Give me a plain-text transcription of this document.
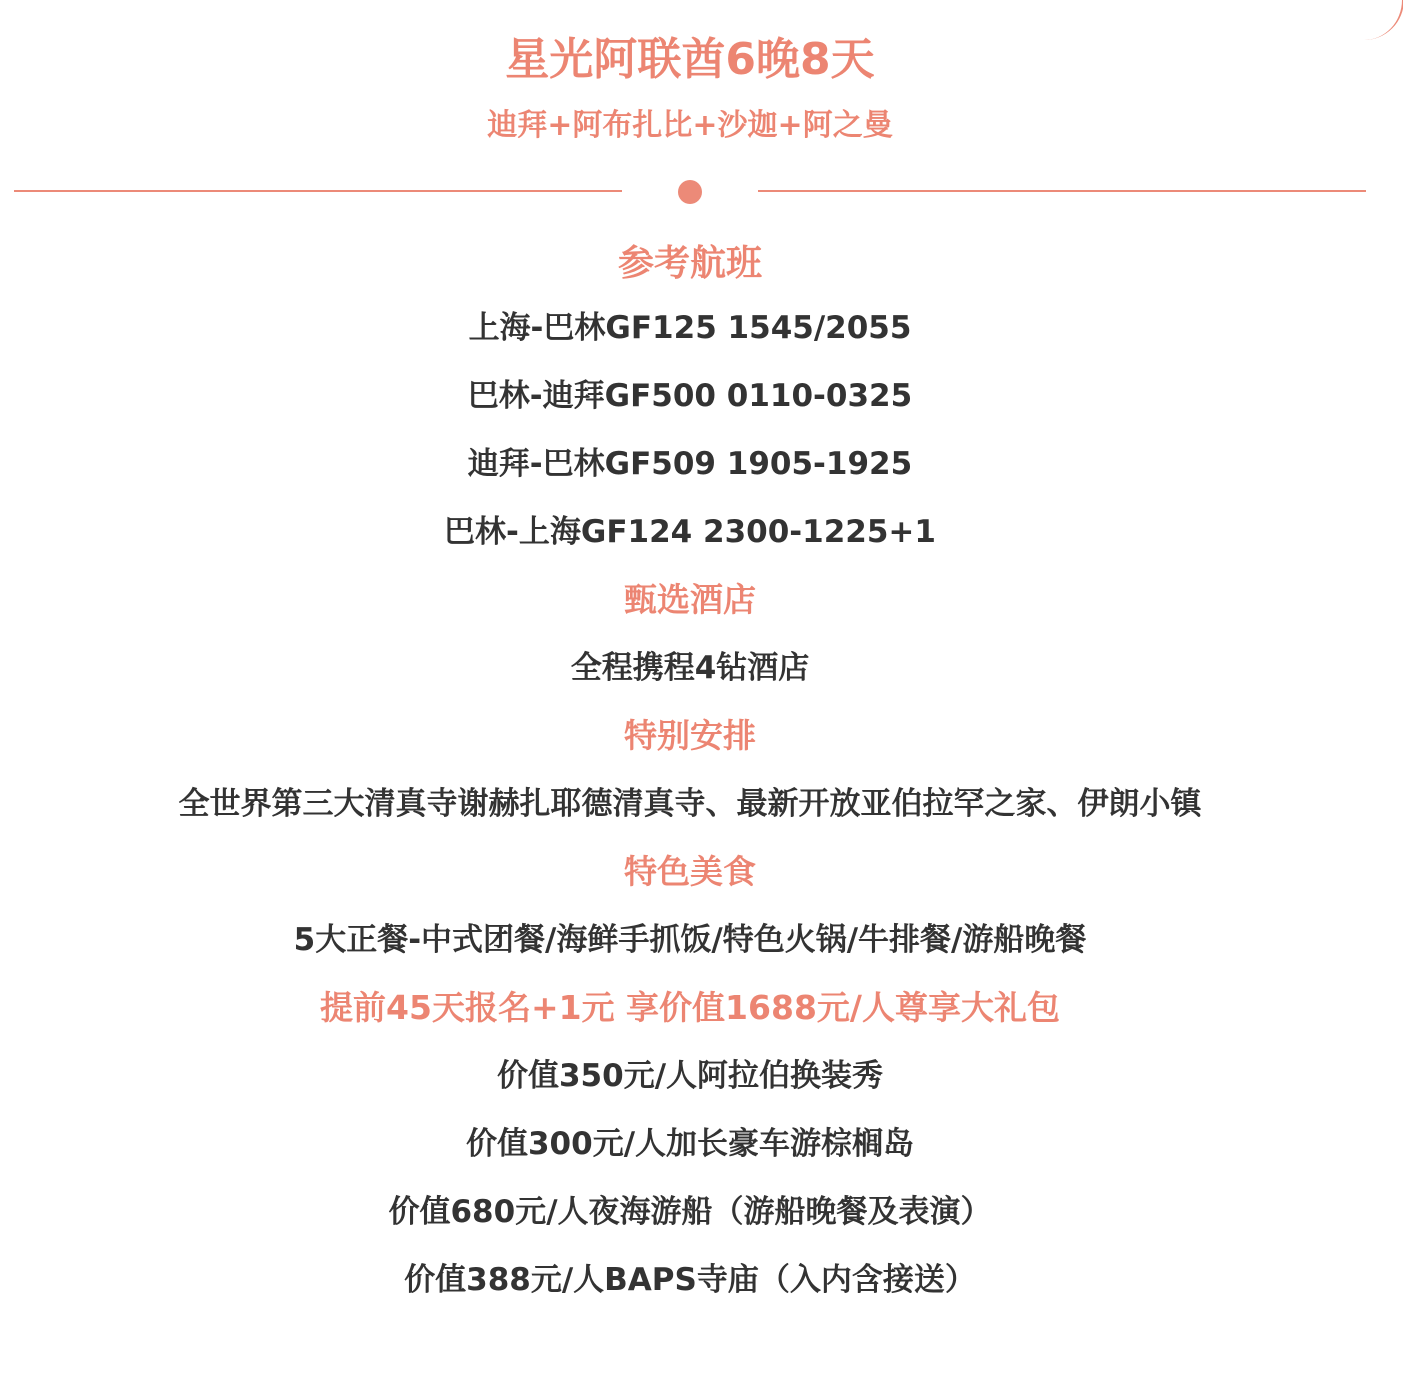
星光阿联酋6晚8天
迪拜+阿布扎比+沙迦+阿之曼
参考航班
上海-巴林GF125 1545/2055
巴林-迪拜GF500 0110-0325
迪拜-巴林GF509 1905-1925
巴林-上海GF124 2300-1225+1
甄选酒店
全程携程4钻酒店
特别安排
全世界第三大清真寺谢赫扎耶德清真寺、最新开放亚伯拉罕之家、伊朗小镇
特色美食
5大正餐-中式团餐/海鲜手抓饭/特色火锅/牛排餐/游船晚餐
提前45天报名+1元 享价值1688元/人尊享大礼包
价值350元/人阿拉伯换装秀
价值300元/人加长豪车游棕榈岛
价值680元/人夜海游船（游船晚餐及表演）
价值388元/人BAPS寺庙（入内含接送）
